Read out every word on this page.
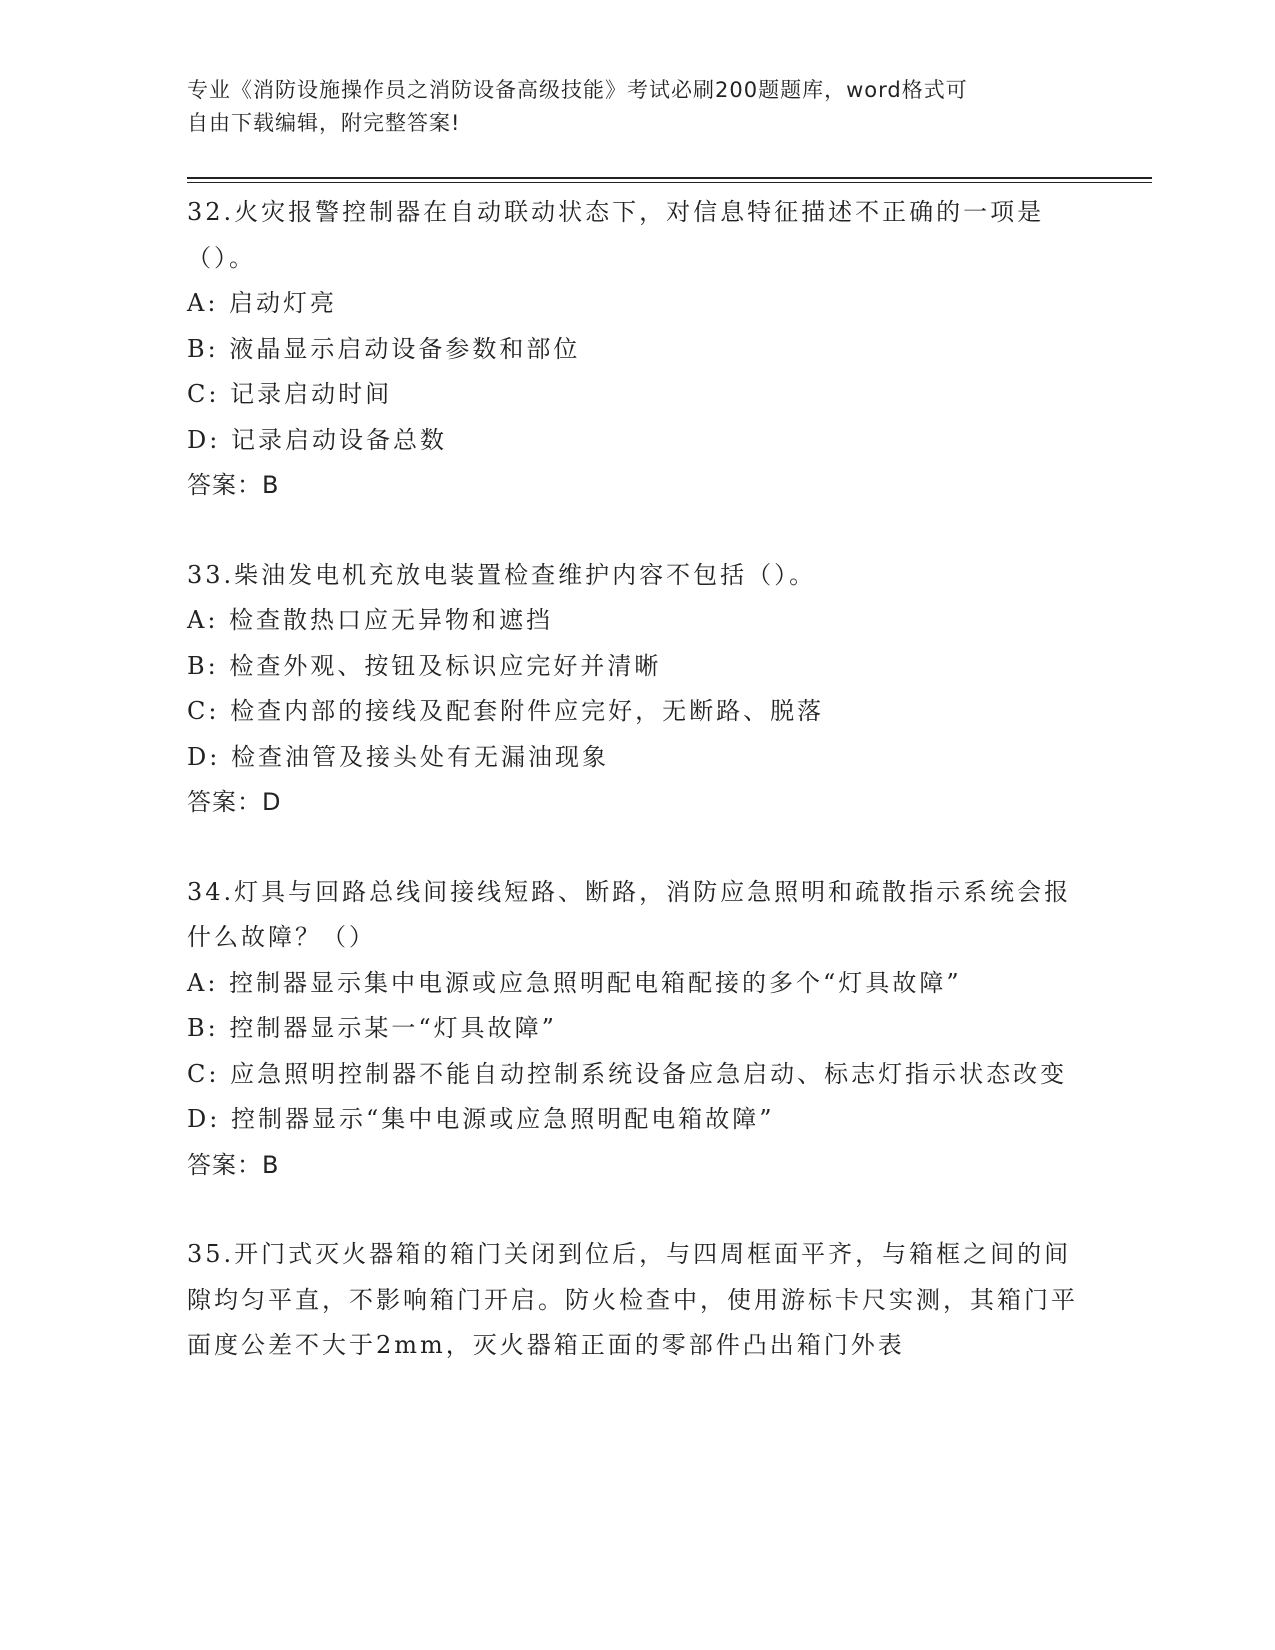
专业《消防设施操作员之消防设备高级技能》考试必刷200题题库，word格式可
自由下载编辑，附完整答案!

32.火灾报警控制器在自动联动状态下，对信息特征描述不正确的一项是（）。

A: 启动灯亮

B: 液晶显示启动设备参数和部位

C: 记录启动时间

D: 记录启动设备总数

答案：B

33.柴油发电机充放电装置检查维护内容不包括（）。

A: 检查散热口应无异物和遮挡

B: 检查外观、按钮及标识应完好并清晰

C: 检查内部的接线及配套附件应完好，无断路、脱落

D: 检查油管及接头处有无漏油现象

答案：D

34.灯具与回路总线间接线短路、断路，消防应急照明和疏散指示系统会报什么故障？（）

A: 控制器显示集中电源或应急照明配电箱配接的多个“灯具故障”

B: 控制器显示某一“灯具故障”

C: 应急照明控制器不能自动控制系统设备应急启动、标志灯指示状态改变

D: 控制器显示“集中电源或应急照明配电箱故障”

答案：B

35.开门式灭火器箱的箱门关闭到位后，与四周框面平齐，与箱框之间的间隙均匀平直，不影响箱门开启。防火检查中，使用游标卡尺实测，其箱门平面度公差不大于2mm，灭火器箱正面的零部件凸出箱门外表
